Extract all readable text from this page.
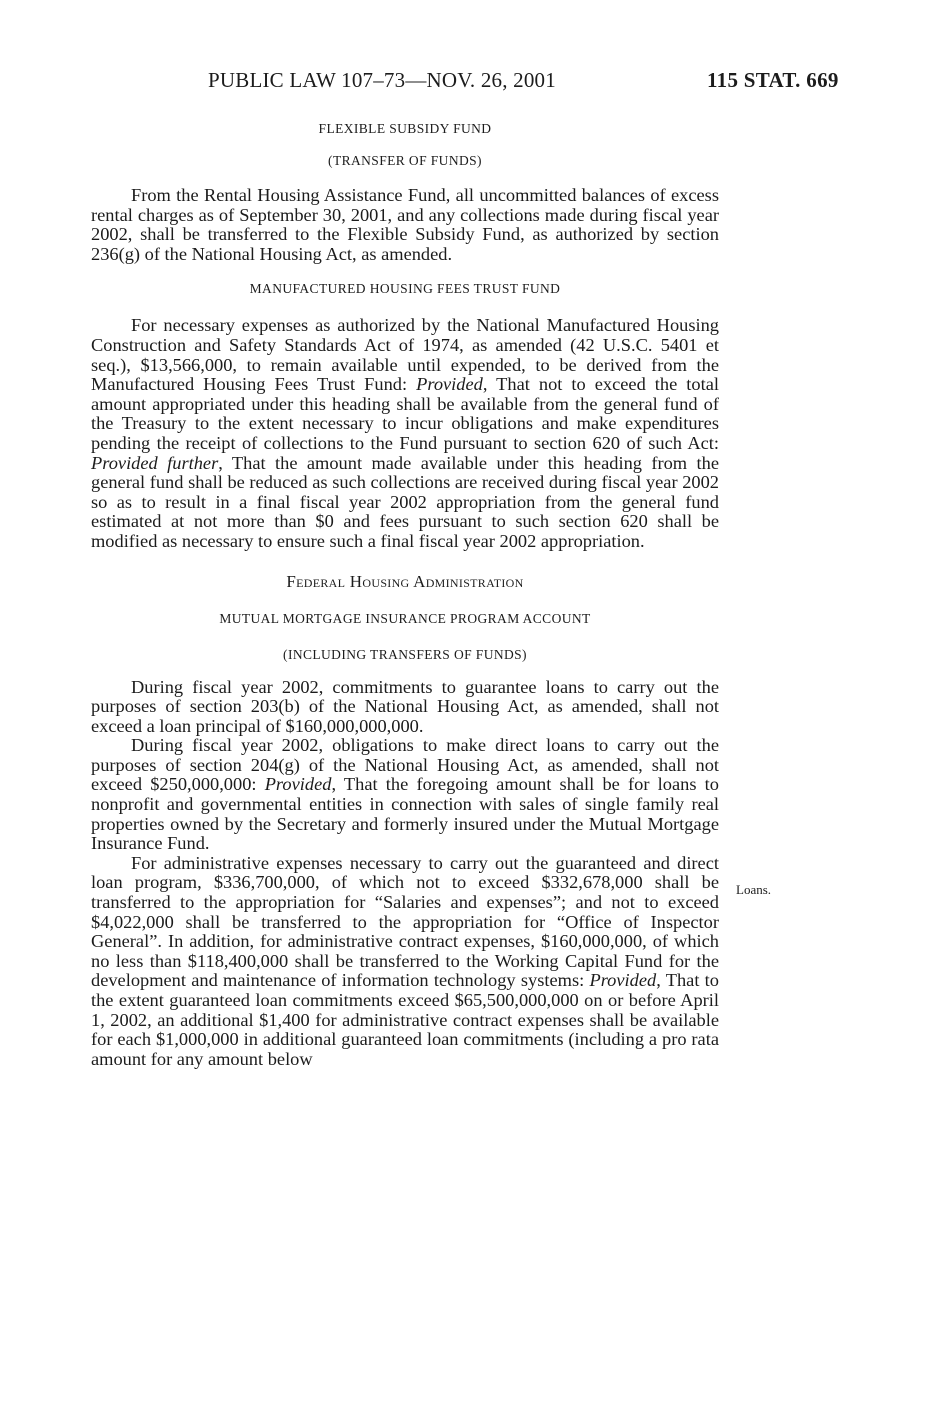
PUBLIC LAW 107–73—NOV. 26, 2001	115 STAT. 669
FLEXIBLE SUBSIDY FUND
(TRANSFER OF FUNDS)

From the Rental Housing Assistance Fund, all uncommitted balances of excess rental charges as of September 30, 2001, and any collections made during fiscal year 2002, shall be transferred to the Flexible Subsidy Fund, as authorized by section 236(g) of the National Housing Act, as amended.

MANUFACTURED HOUSING FEES TRUST FUND

For necessary expenses as authorized by the National Manufactured Housing Construction and Safety Standards Act of 1974, as amended (42 U.S.C. 5401 et seq.), $13,566,000, to remain available until expended, to be derived from the Manufactured Housing Fees Trust Fund: Provided, That not to exceed the total amount appropriated under this heading shall be available from the general fund of the Treasury to the extent necessary to incur obligations and make expenditures pending the receipt of collections to the Fund pursuant to section 620 of such Act: Provided further, That the amount made available under this heading from the general fund shall be reduced as such collections are received during fiscal year 2002 so as to result in a final fiscal year 2002 appropriation from the general fund estimated at not more than $0 and fees pursuant to such section 620 shall be modified as necessary to ensure such a final fiscal year 2002 appropriation.

Federal Housing Administration
MUTUAL MORTGAGE INSURANCE PROGRAM ACCOUNT
(INCLUDING TRANSFERS OF FUNDS)

During fiscal year 2002, commitments to guarantee loans to carry out the purposes of section 203(b) of the National Housing Act, as amended, shall not exceed a loan principal of $160,000,000,000.

During fiscal year 2002, obligations to make direct loans to carry out the purposes of section 204(g) of the National Housing Act, as amended, shall not exceed $250,000,000: Provided, That the foregoing amount shall be for loans to nonprofit and governmental entities in connection with sales of single family real properties owned by the Secretary and formerly insured under the Mutual Mortgage Insurance Fund.

For administrative expenses necessary to carry out the guaranteed and direct loan program, $336,700,000, of which not to exceed $332,678,000 shall be transferred to the appropriation for “Salaries and expenses”; and not to exceed $4,022,000 shall be transferred to the appropriation for “Office of Inspector General”. In addition, for administrative contract expenses, $160,000,000, of which no less than $118,400,000 shall be transferred to the Working Capital Fund for the development and maintenance of information technology systems: Provided, That to the extent guaranteed loan commitments exceed $65,500,000,000 on or before April 1, 2002, an additional $1,400 for administrative contract expenses shall be available for each $1,000,000 in additional guaranteed loan commitments (including a pro rata amount for any amount below

Loans.
